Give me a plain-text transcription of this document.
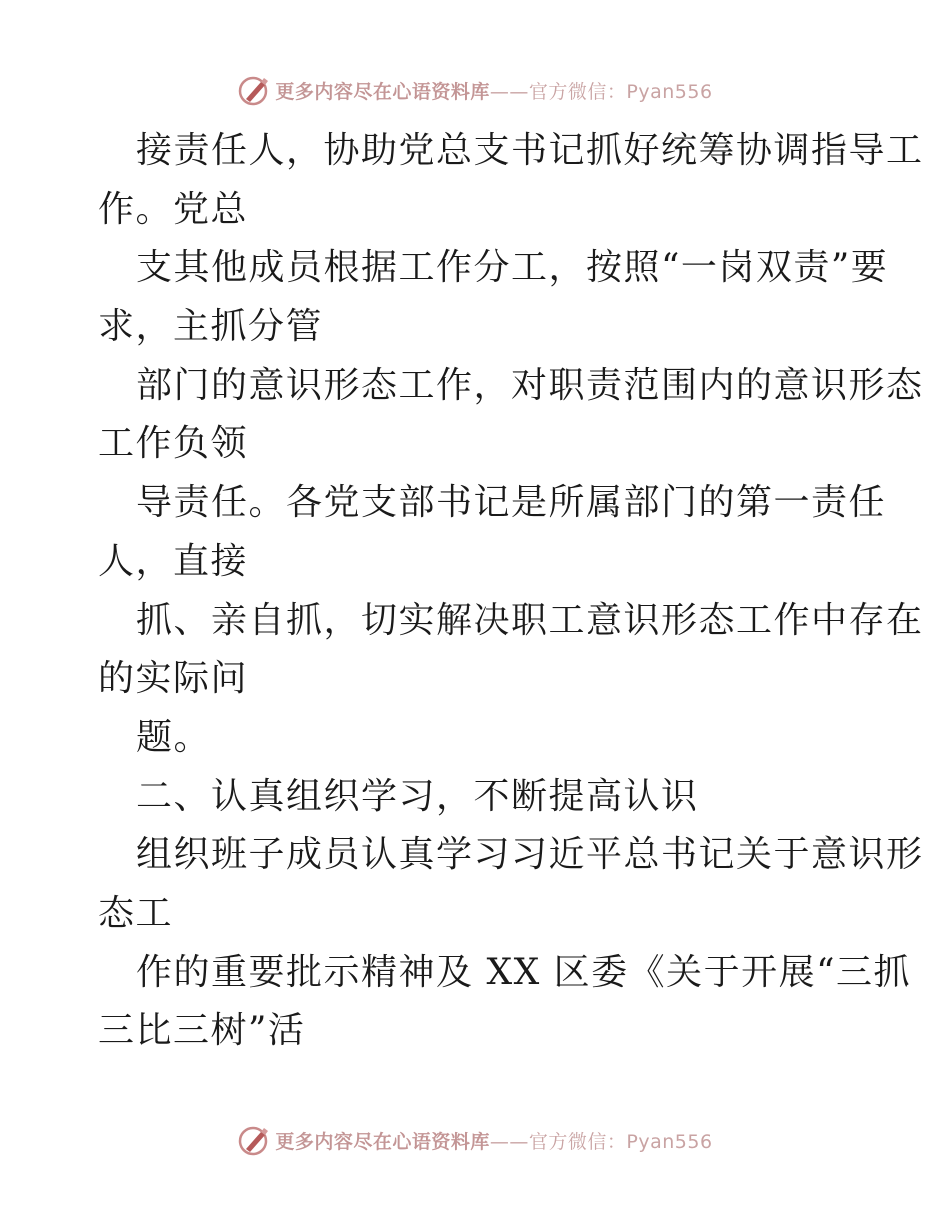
更多内容尽在心语资料库——官方微信：Pyan556
接责任人，协助党总支书记抓好统筹协调指导工
作。党总
支其他成员根据工作分工，按照“一岗双责”要
求，主抓分管
部门的意识形态工作，对职责范围内的意识形态
工作负领
导责任。各党支部书记是所属部门的第一责任
人，直接
抓、亲自抓，切实解决职工意识形态工作中存在
的实际问
题。
二、认真组织学习，不断提高认识
组织班子成员认真学习习近平总书记关于意识形
态工
作的重要批示精神及 XX 区委《关于开展“三抓
三比三树”活
更多内容尽在心语资料库——官方微信：Pyan556
